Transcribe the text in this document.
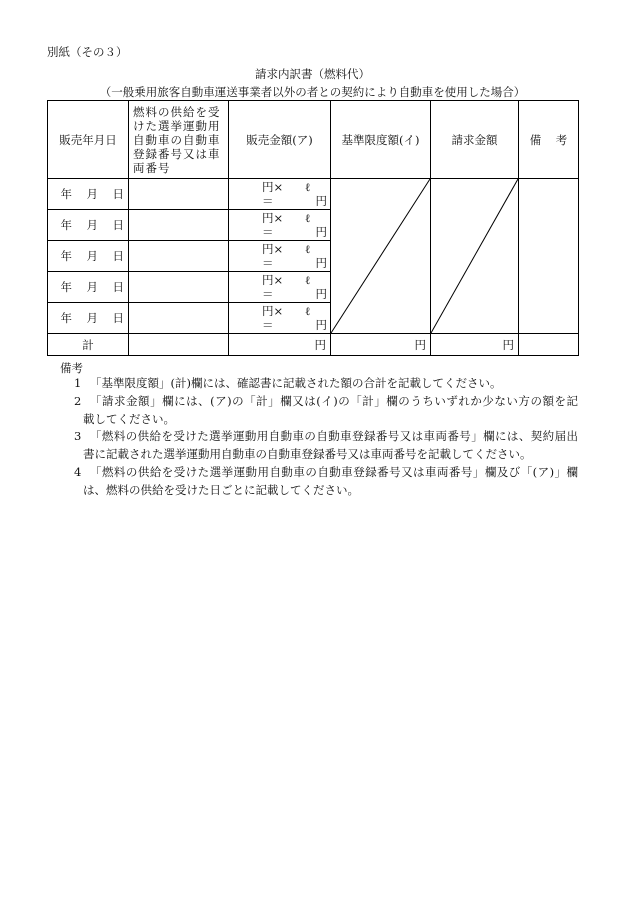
別紙（その３）
請求内訳書（燃料代）
（一般乗用旅客自動車運送事業者以外の者との契約により自動車を使用した場合）
販売年月日	燃料の供給を受
けた選挙運動用
自動車の自動車
登録番号又は車
両番号	販売金額(ア)	基準限度額(イ)	請求金額	備　考
年　月　日		円× ℓ
＝ 円

年　月　日		円× ℓ
＝ 円			

年　月　日		円× ℓ
＝ 円			

年　月　日		円× ℓ
＝ 円			

年　月　日		円× ℓ
＝ 円			

計		円	円	円	
備考
1 「基準限度額」(計)欄には、確認書に記載された額の合計を記載してください。
2 「請求金額」欄には、(ア)の「計」欄又は(イ)の「計」欄のうちいずれか少ない方の額を記
載してください。
3 「燃料の供給を受けた選挙運動用自動車の自動車登録番号又は車両番号」欄には、契約届出
書に記載された選挙運動用自動車の自動車登録番号又は車両番号を記載してください。
4 「燃料の供給を受けた選挙運動用自動車の自動車登録番号又は車両番号」欄及び「(ア)」欄
は、燃料の供給を受けた日ごとに記載してください。
